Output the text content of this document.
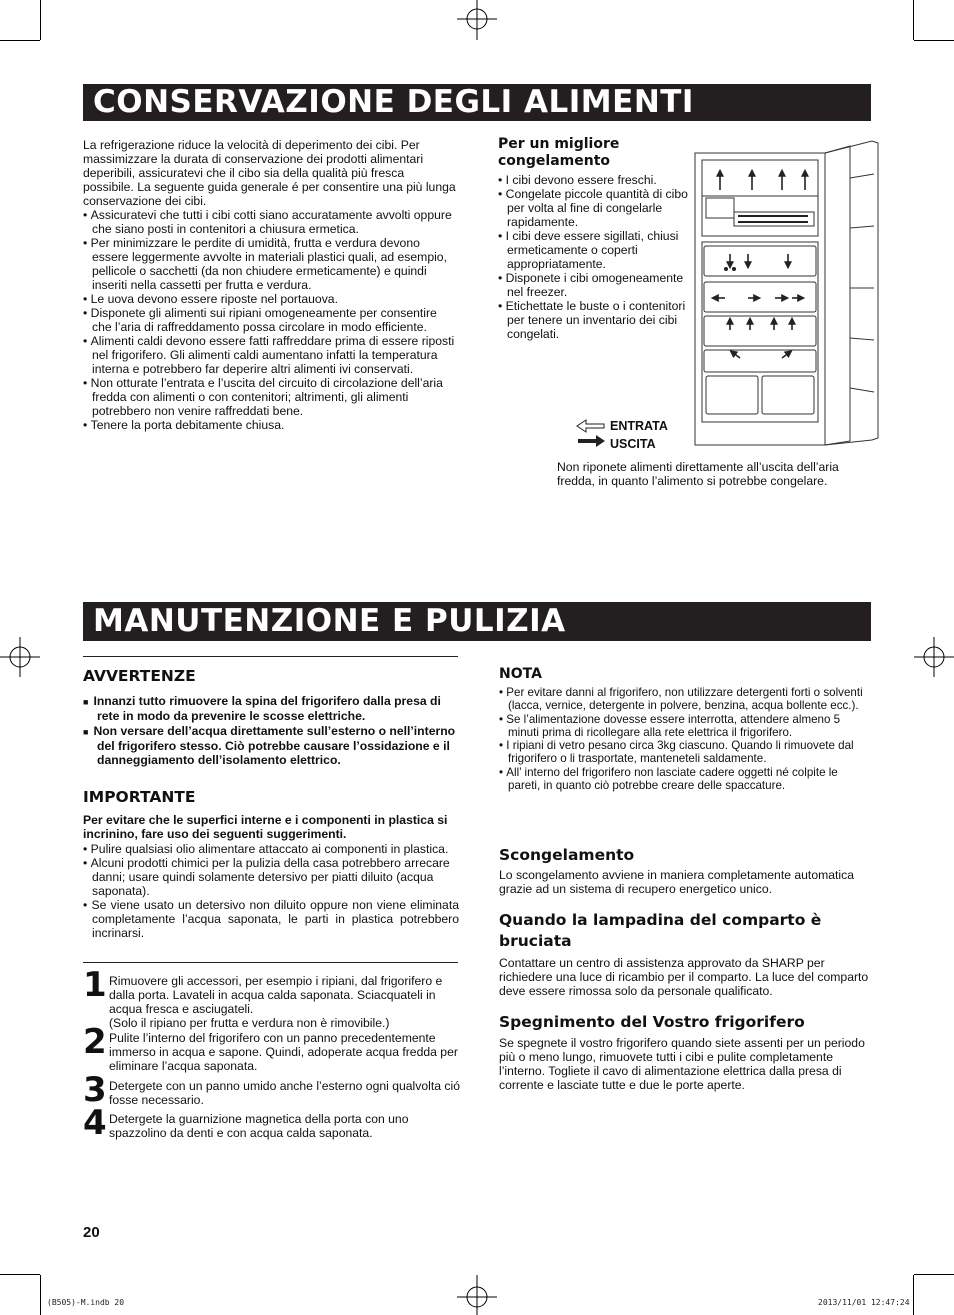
CONSERVAZIONE DEGLI ALIMENTI

La refrigerazione riduce la velocità di deperimento dei cibi. Per massimizzare la durata di conservazione dei prodotti alimentari deperibili, assicuratevi che il cibo sia della qualità più fresca possibile. La seguente guida generale é per consentire una più lunga conservazione dei cibi.

• Assicuratevi che tutti i cibi cotti siano accuratamente avvolti oppure che siano posti in contenitori a chiusura ermetica.
• Per minimizzare le perdite di umidità, frutta e verdura devono essere leggermente avvolte in materiali plastici quali, ad esempio, pellicole o sacchetti (da non chiudere ermeticamente) e quindi inseriti nella cassetti per frutta e verdura.
• Le uova devono essere riposte nel portauova.
• Disponete gli alimenti sui ripiani omogeneamente per consentire che l’aria di raffreddamento possa circolare in modo efficiente.
• Alimenti caldi devono essere fatti raffreddare prima di essere riposti nel frigorifero. Gli alimenti caldi aumentano infatti la temperatura interna e potrebbero far deperire altri alimenti ivi conservati.
• Non otturate l’entrata e l’uscita del circuito di circolazione dell’aria fredda con alimenti o con contenitori; altrimenti, gli alimenti potrebbero non venire raffreddati bene.
• Tenere la porta debitamente chiusa.
Per un migliore congelamento
• I cibi devono essere freschi.
• Congelate piccole quantità di cibo per volta al fine di congelarle rapidamente.
• I cibi deve essere sigillati, chiusi ermeticamente o coperti appropriatamente.
• Disponete i cibi omogeneamente nel freezer.
• Etichettate le buste o i contenitori per tenere un inventario dei cibi congelati.
ENTRATA
USCITA
Non riponete alimenti direttamente all’uscita dell’aria fredda, in quanto l’alimento si potrebbe congelare.
MANUTENZIONE E PULIZIA
AVVERTENZE
■  Innanzi tutto rimuovere la spina del frigorifero dalla presa di rete in modo da prevenire le scosse elettriche.
■  Non versare dell’acqua direttamente sull’esterno o nell’interno del frigorifero stesso. Ciò potrebbe causare l’ossidazione e il danneggiamento dell’isolamento elettrico.
IMPORTANTE
Per evitare che le superfici interne e i componenti in plastica si incrinino, fare uso dei seguenti suggerimenti.
• Pulire qualsiasi olio alimentare attaccato ai componenti in plastica.
• Alcuni prodotti chimici per la pulizia della casa potrebbero arrecare danni; usare quindi solamente detersivo per piatti diluito (acqua saponata).
• Se viene usato un detersivo non diluito oppure non viene eliminata completamente l’acqua saponata, le parti in plastica potrebbero incrinarsi.
1 Rimuovere gli accessori, per esempio i ripiani, dal frigorifero e dalla porta. Lavateli in acqua calda saponata. Sciacquateli in acqua fresca e asciugateli.
(Solo il ripiano per frutta e verdura non è rimovibile.)
2 Pulite l’interno del frigorifero con un panno precedentemente immerso in acqua e sapone. Quindi, adoperate acqua fredda per eliminare l’acqua saponata.
3 Detergete con un panno umido anche l’esterno ogni qualvolta ció fosse necessario.
4 Detergete la guarnizione magnetica della porta con uno spazzolino da denti e con acqua calda saponata.
NOTA
• Per evitare danni al frigorifero, non utilizzare detergenti forti o solventi (lacca, vernice, detergente in polvere, benzina, acqua bollente ecc.).
• Se l’alimentazione dovesse essere interrotta, attendere almeno 5 minuti prima di ricollegare alla rete elettrica il frigorifero.
• I ripiani di vetro pesano circa 3kg ciascuno. Quando li rimuovete dal frigorifero o li trasportate, manteneteli saldamente.
• All’ interno del frigorifero non lasciate cadere oggetti né colpite le pareti, in quanto ciò potrebbe creare delle spaccature.
Scongelamento
Lo scongelamento avviene in maniera completamente automatica grazie ad un sistema di recupero energetico unico.
Quando la lampadina del comparto è bruciata
Contattare un centro di assistenza approvato da SHARP per richiedere una luce di ricambio per il comparto. La luce del comparto deve essere rimossa solo da personale qualificato.
Spegnimento del Vostro frigorifero
Se spegnete il vostro frigorifero quando siete assenti per un periodo più o meno lungo, rimuovete tutti i cibi e pulite completamente l’interno. Togliete il cavo di alimentazione elettrica dalla presa di corrente e lasciate tutte e due le porte aperte.
20
(B505)-M.indb 20	2013/11/01 12:47:24
